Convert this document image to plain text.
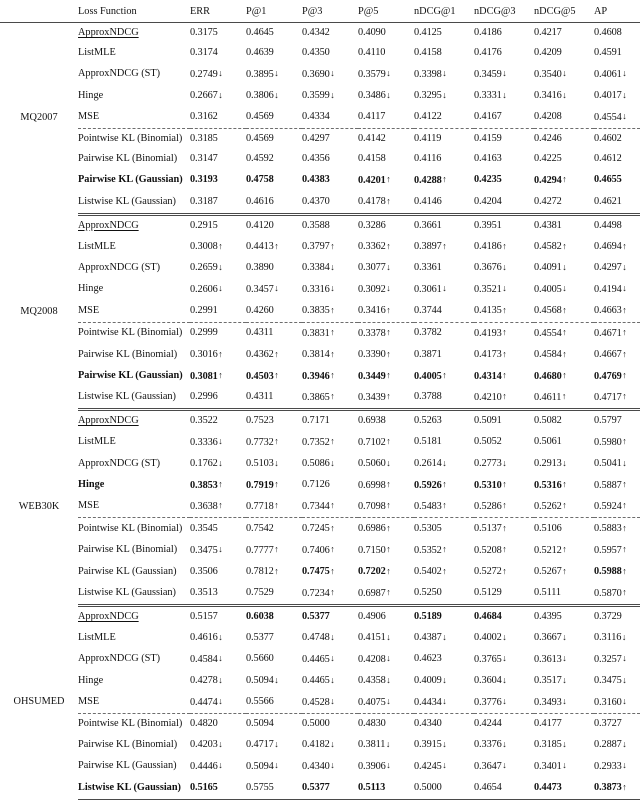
	Loss Function	ERR	P@1	P@3	P@5	nDCG@1	nDCG@3	nDCG@5	AP
MQ2007	ApproxNDCG	0.3175	0.4645	0.4342	0.4090	0.4125	0.4186	0.4217	0.4608
	ListMLE	0.3174	0.4639	0.4350	0.4110	0.4158	0.4176	0.4209	0.4591
	ApproxNDCG (ST)	0.2749↓	0.3895↓	0.3690↓	0.3579↓	0.3398↓	0.3459↓	0.3540↓	0.4061↓
	Hinge	0.2667↓	0.3806↓	0.3599↓	0.3486↓	0.3295↓	0.3331↓	0.3416↓	0.4017↓
	MSE	0.3162	0.4569	0.4334	0.4117	0.4122	0.4167	0.4208	0.4554↓
	Pointwise KL (Binomial)	0.3185	0.4569	0.4297	0.4142	0.4119	0.4159	0.4246	0.4602
	Pairwise KL (Binomial)	0.3147	0.4592	0.4356	0.4158	0.4116	0.4163	0.4225	0.4612
	Pairwise KL (Gaussian)	0.3193	0.4758	0.4383	0.4201↑	0.4288↑	0.4235	0.4294↑	0.4655
	Listwise KL (Gaussian)	0.3187	0.4616	0.4370	0.4178↑	0.4146	0.4204	0.4272	0.4621
MQ2008	ApproxNDCG	0.2915	0.4120	0.3588	0.3286	0.3661	0.3951	0.4381	0.4498
	ListMLE	0.3008↑	0.4413↑	0.3797↑	0.3362↑	0.3897↑	0.4186↑	0.4582↑	0.4694↑
	ApproxNDCG (ST)	0.2659↓	0.3890	0.3384↓	0.3077↓	0.3361	0.3676↓	0.4091↓	0.4297↓
	Hinge	0.2606↓	0.3457↓	0.3316↓	0.3092↓	0.3061↓	0.3521↓	0.4005↓	0.4194↓
	MSE	0.2991	0.4260	0.3835↑	0.3416↑	0.3744	0.4135↑	0.4568↑	0.4663↑
	Pointwise KL (Binomial)	0.2999	0.4311	0.3831↑	0.3378↑	0.3782	0.4193↑	0.4554↑	0.4671↑
	Pairwise KL (Binomial)	0.3016↑	0.4362↑	0.3814↑	0.3390↑	0.3871	0.4173↑	0.4584↑	0.4667↑
	Pairwise KL (Gaussian)	0.3081↑	0.4503↑	0.3946↑	0.3449↑	0.4005↑	0.4314↑	0.4680↑	0.4769↑
	Listwise KL (Gaussian)	0.2996	0.4311	0.3865↑	0.3439↑	0.3788	0.4210↑	0.4611↑	0.4717↑
WEB30K	ApproxNDCG	0.3522	0.7523	0.7171	0.6938	0.5263	0.5091	0.5082	0.5797
	ListMLE	0.3336↓	0.7732↑	0.7352↑	0.7102↑	0.5181	0.5052	0.5061	0.5980↑
	ApproxNDCG (ST)	0.1762↓	0.5103↓	0.5086↓	0.5060↓	0.2614↓	0.2773↓	0.2913↓	0.5041↓
	Hinge	0.3853↑	0.7919↑	0.7126	0.6998↑	0.5926↑	0.5310↑	0.5316↑	0.5887↑
	MSE	0.3638↑	0.7718↑	0.7344↑	0.7098↑	0.5483↑	0.5286↑	0.5262↑	0.5924↑
	Pointwise KL (Binomial)	0.3545	0.7542	0.7245↑	0.6986↑	0.5305	0.5137↑	0.5106	0.5883↑
	Pairwise KL (Binomial)	0.3475↓	0.7777↑	0.7406↑	0.7150↑	0.5352↑	0.5208↑	0.5212↑	0.5957↑
	Pairwise KL (Gaussian)	0.3506	0.7812↑	0.7475↑	0.7202↑	0.5402↑	0.5272↑	0.5267↑	0.5988↑
	Listwise KL (Gaussian)	0.3513	0.7529	0.7234↑	0.6987↑	0.5250	0.5129	0.5111	0.5870↑
OHSUMED	ApproxNDCG	0.5157	0.6038	0.5377	0.4906	0.5189	0.4684	0.4395	0.3729
	ListMLE	0.4616↓	0.5377	0.4748↓	0.4151↓	0.4387↓	0.4002↓	0.3667↓	0.3116↓
	ApproxNDCG (ST)	0.4584↓	0.5660	0.4465↓	0.4208↓	0.4623	0.3765↓	0.3613↓	0.3257↓
	Hinge	0.4278↓	0.5094↓	0.4465↓	0.4358↓	0.4009↓	0.3604↓	0.3517↓	0.3475↓
	MSE	0.4474↓	0.5566	0.4528↓	0.4075↓	0.4434↓	0.3776↓	0.3493↓	0.3160↓
	Pointwise KL (Binomial)	0.4820	0.5094	0.5000	0.4830	0.4340	0.4244	0.4177	0.3727
	Pairwise KL (Binomial)	0.4203↓	0.4717↓	0.4182↓	0.3811↓	0.3915↓	0.3376↓	0.3185↓	0.2887↓
	Pairwise KL (Gaussian)	0.4446↓	0.5094↓	0.4340↓	0.3906↓	0.4245↓	0.3647↓	0.3401↓	0.2933↓
	Listwise KL (Gaussian)	0.5165	0.5755	0.5377	0.5113	0.5000	0.4654	0.4473	0.3873↑
